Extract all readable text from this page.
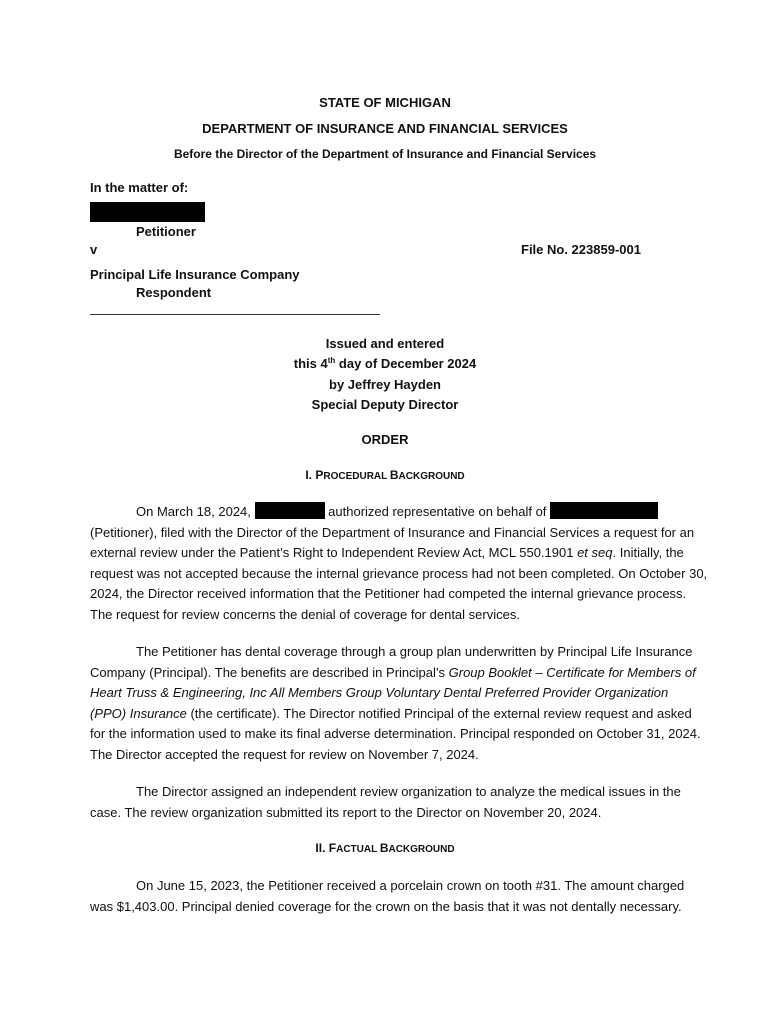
STATE OF MICHIGAN
DEPARTMENT OF INSURANCE AND FINANCIAL SERVICES
Before the Director of the Department of Insurance and Financial Services
In the matter of:
Petitioner
v	File No. 223859-001
Principal Life Insurance Company
Respondent
Issued and entered
this 4th day of December 2024
by Jeffrey Hayden
Special Deputy Director
ORDER
I. PROCEDURAL BACKGROUND
On March 18, 2024,	authorized representative on behalf of
(Petitioner), filed with the Director of the Department of Insurance and Financial Services a request for an
external review under the Patient’s Right to Independent Review Act, MCL 550.1901 et seq. Initially, the
request was not accepted because the internal grievance process had not been completed. On October 30,
2024, the Director received information that the Petitioner had competed the internal grievance process.
The request for review concerns the denial of coverage for dental services.
The Petitioner has dental coverage through a group plan underwritten by Principal Life Insurance
Company (Principal). The benefits are described in Principal’s Group Booklet – Certificate for Members of
Heart Truss & Engineering, Inc All Members Group Voluntary Dental Preferred Provider Organization
(PPO) Insurance (the certificate). The Director notified Principal of the external review request and asked
for the information used to make its final adverse determination. Principal responded on October 31, 2024.
The Director accepted the request for review on November 7, 2024.
The Director assigned an independent review organization to analyze the medical issues in the
case. The review organization submitted its report to the Director on November 20, 2024.
II. FACTUAL BACKGROUND
On June 15, 2023, the Petitioner received a porcelain crown on tooth #31. The amount charged
was $1,403.00. Principal denied coverage for the crown on the basis that it was not dentally necessary.
